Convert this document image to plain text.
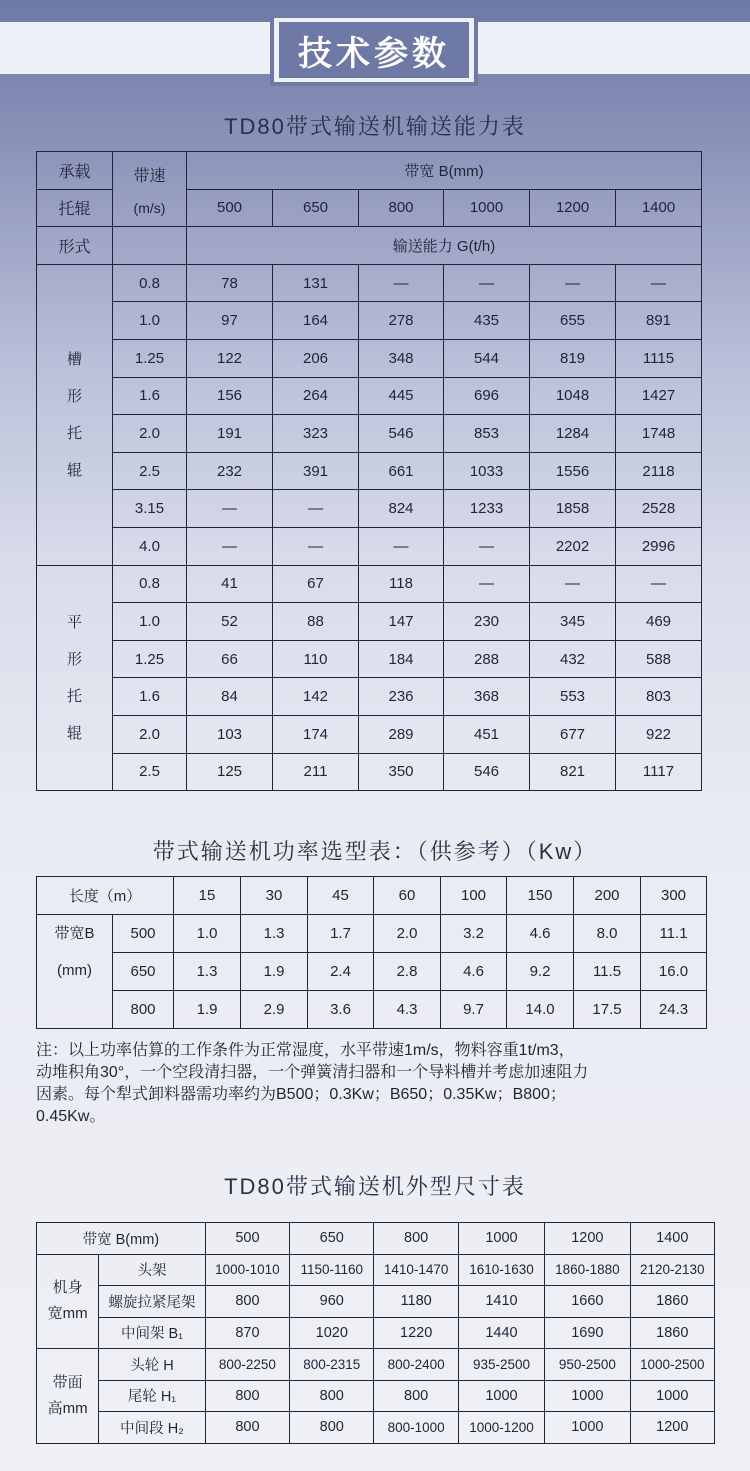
技术参数
TD80带式输送机输送能力表
承载	带速
(m/s)	带宽 B(mm)					
托辊		500	650	800	1000	1200	1400
形式		输送能力 G(t/h)					

槽
形
托
辊	0.8	78	131	—	—	—	—
	1.0	97	164	278	435	655	891
	1.25	122	206	348	544	819	1115
	1.6	156	264	445	696	1048	1427
	2.0	191	323	546	853	1284	1748
	2.5	232	391	661	1033	1556	2118
	3.15	—	—	824	1233	1858	2528
	4.0	—	—	—	—	2202	2996

平
形
托
辊	0.8	41	67	118	—	—	—
	1.0	52	88	147	230	345	469
	1.25	66	110	184	288	432	588
	1.6	84	142	236	368	553	803
	2.0	103	174	289	451	677	922
	2.5	125	211	350	546	821	1117
带式输送机功率选型表：（供参考）（Kw）
长度（m）		15	30	45	60	100	150	200	300

带宽B
(mm)	500	1.0	1.3	1.7	2.0	3.2	4.6	8.0	11.1
	650	1.3	1.9	2.4	2.8	4.6	9.2	11.5	16.0
	800	1.9	2.9	3.6	4.3	9.7	14.0	17.5	24.3
注：以上功率估算的工作条件为正常湿度，水平带速1m/s，物料容重1t/m3，
动堆积角30°，一个空段清扫器，一个弹簧清扫器和一个导料槽并考虑加速阻力
因素。每个犁式卸料器需功率约为B500；0.3Kw；B650；0.35Kw；B800；
0.45Kw。
TD80带式输送机外型尺寸表
带宽 B(mm)		500	650	800	1000	1200	1400

机身
宽mm	头架	1000-1010	1150-1160	1410-1470	1610-1630	1860-1880	2120-2130
	螺旋拉紧尾架	800	960	1180	1410	1660	1860
	中间架 B₁	870	1020	1220	1440	1690	1860

带面
高mm	头轮 H	800-2250	800-2315	800-2400	935-2500	950-2500	1000-2500
	尾轮 H₁	800	800	800	1000	1000	1000
	中间段 H₂	800	800	800-1000	1000-1200	1000	1200
